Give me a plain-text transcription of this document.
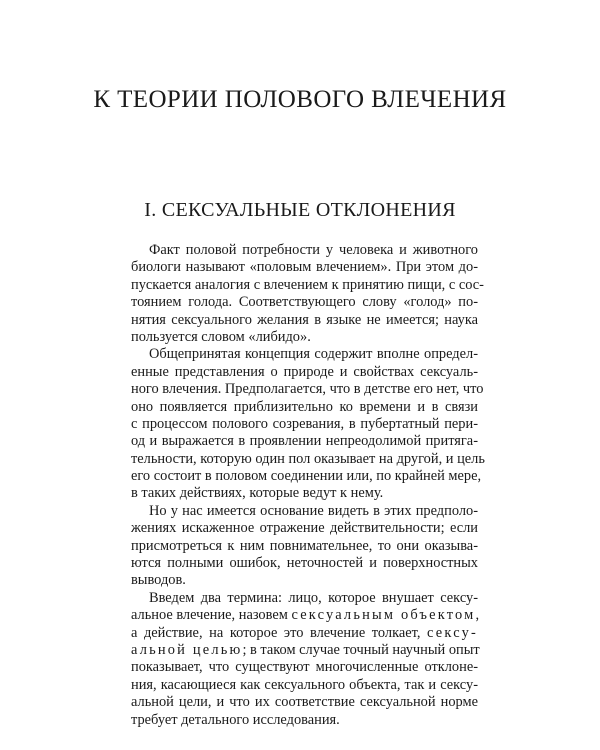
К ТЕОРИИ ПОЛОВОГО ВЛЕЧЕНИЯ
I. СЕКСУАЛЬНЫЕ ОТКЛОНЕНИЯ
Факт половой потребности у человека и животного
биологи называют «половым влечением». При этом до-
пускается аналогия с влечением к принятию пищи, с сос-
тоянием голода. Соответствующего слову «голод» по-
нятия сексуального желания в языке не имеется; наука
пользуется словом «либидо».
Общепринятая концепция содержит вполне определ-
енные представления о природе и свойствах сексуаль-
ного влечения. Предполагается, что в детстве его нет, что
оно появляется приблизительно ко времени и в связи
с процессом полового созревания, в пубертатный пери-
од и выражается в проявлении непреодолимой притяга-
тельности, которую один пол оказывает на другой, и цель
его состоит в половом соединении или, по крайней мере,
в таких действиях, которые ведут к нему.
Но у нас имеется основание видеть в этих предполо-
жениях искаженное отражение действительности; если
присмотреться к ним повнимательнее, то они оказыва-
ются полными ошибок, неточностей и поверхностных
выводов.
Введем два термина: лицо, которое внушает сексу-
альное влечение, назовем сексуальным объектом,
а действие, на которое это влечение толкает, сексу-
альной целью; в таком случае точный научный опыт
показывает, что существуют многочисленные отклоне-
ния, касающиеся как сексуального объекта, так и сексу-
альной цели, и что их соответствие сексуальной норме
требует детального исследования.
